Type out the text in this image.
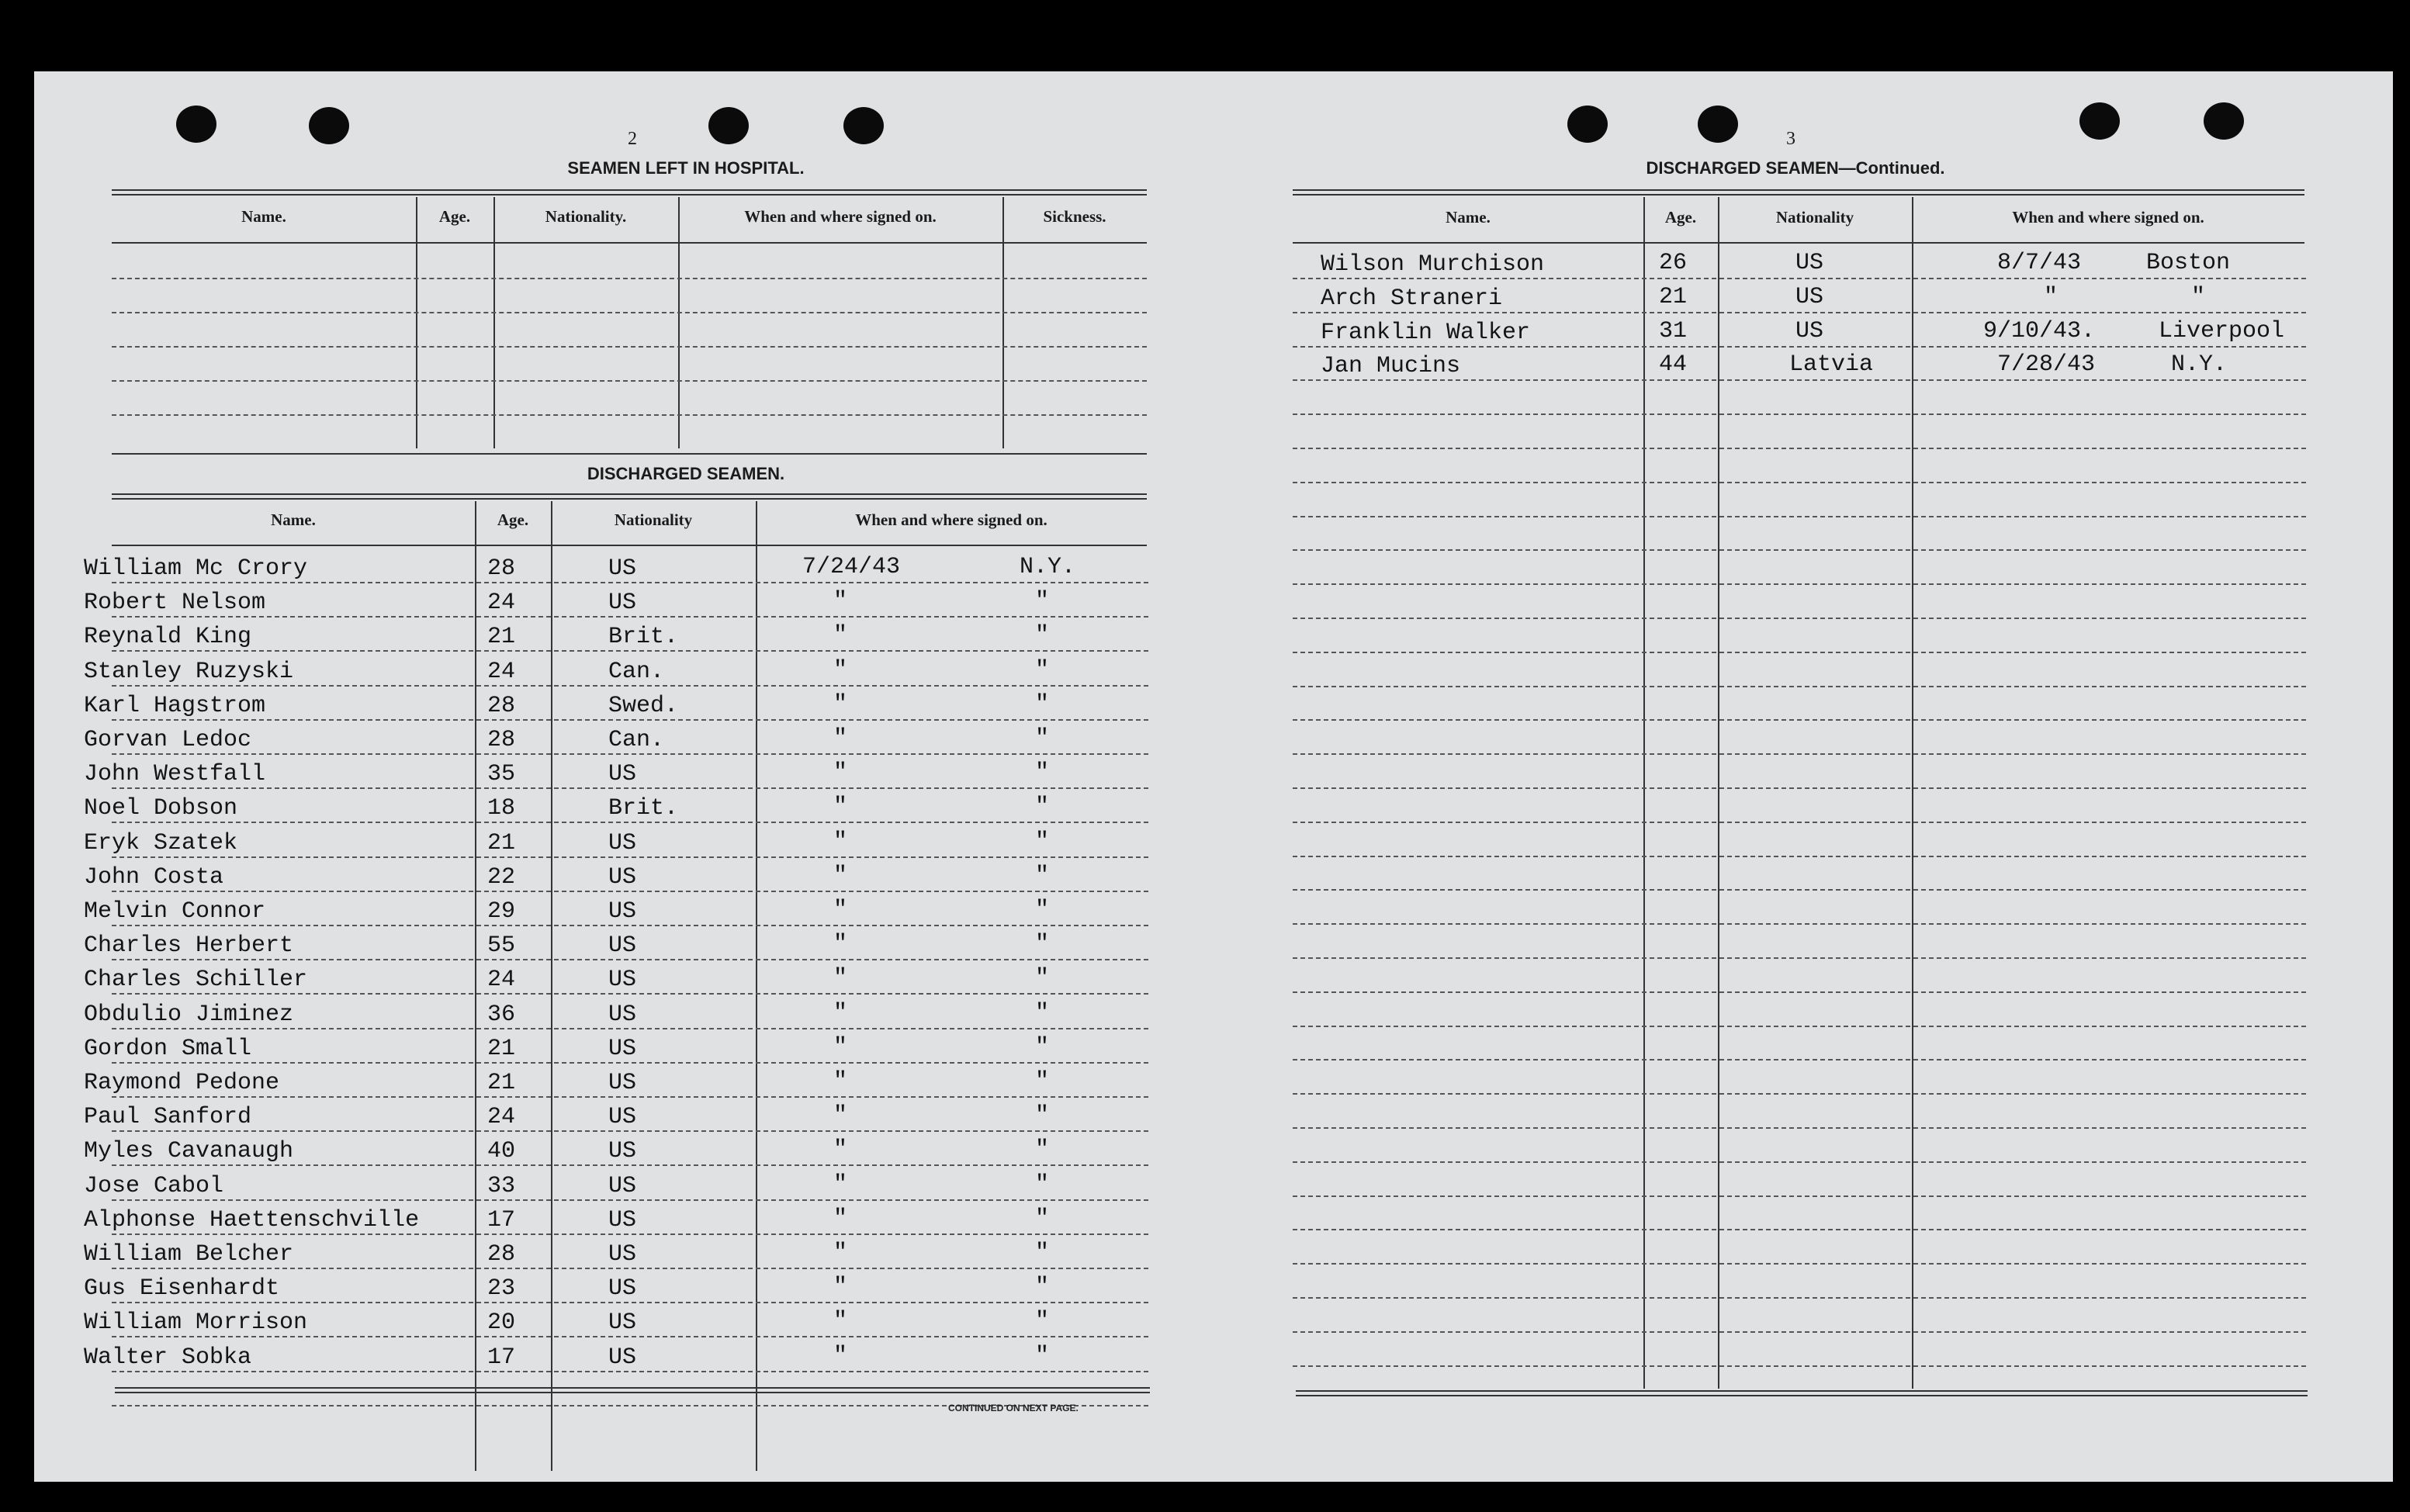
2
SEAMEN LEFT IN HOSPITAL.
Name.	Age.	Nationality.	When and where signed on.	Sickness.
DISCHARGED SEAMEN.
Name.	Age.	Nationality	When and where signed on.
William Mc Crory	28	US	7/24/43	N.Y.
Robert Nelsom	24	US	"	"
Reynald King	21	Brit.	"	"
Stanley Ruzyski	24	Can.	"	"
Karl Hagstrom	28	Swed.	"	"
Gorvan Ledoc	28	Can.	"	"
John Westfall	35	US	"	"
Noel Dobson	18	Brit.	"	"
Eryk Szatek	21	US	"	"
John Costa	22	US	"	"
Melvin Connor	29	US	"	"
Charles Herbert	55	US	"	"
Charles Schiller	24	US	"	"
Obdulio Jiminez	36	US	"	"
Gordon Small	21	US	"	"
Raymond Pedone	21	US	"	"
Paul Sanford	24	US	"	"
Myles Cavanaugh	40	US	"	"
Jose Cabol	33	US	"	"
Alphonse Haettenschville	17	US	"	"
William Belcher	28	US	"	"
Gus Eisenhardt	23	US	"	"
William Morrison	20	US	"	"
Walter Sobka	17	US	"	"
CONTINUED ON NEXT PAGE.
3
DISCHARGED SEAMEN—Continued.
Name.	Age.	Nationality	When and where signed on.
Wilson Murchison	26	US	8/7/43	Boston
Arch Straneri	21	US	"	"
Franklin Walker	31	US	9/10/43.	Liverpool
Jan Mucins	44	Latvia	7/28/43	N.Y.
